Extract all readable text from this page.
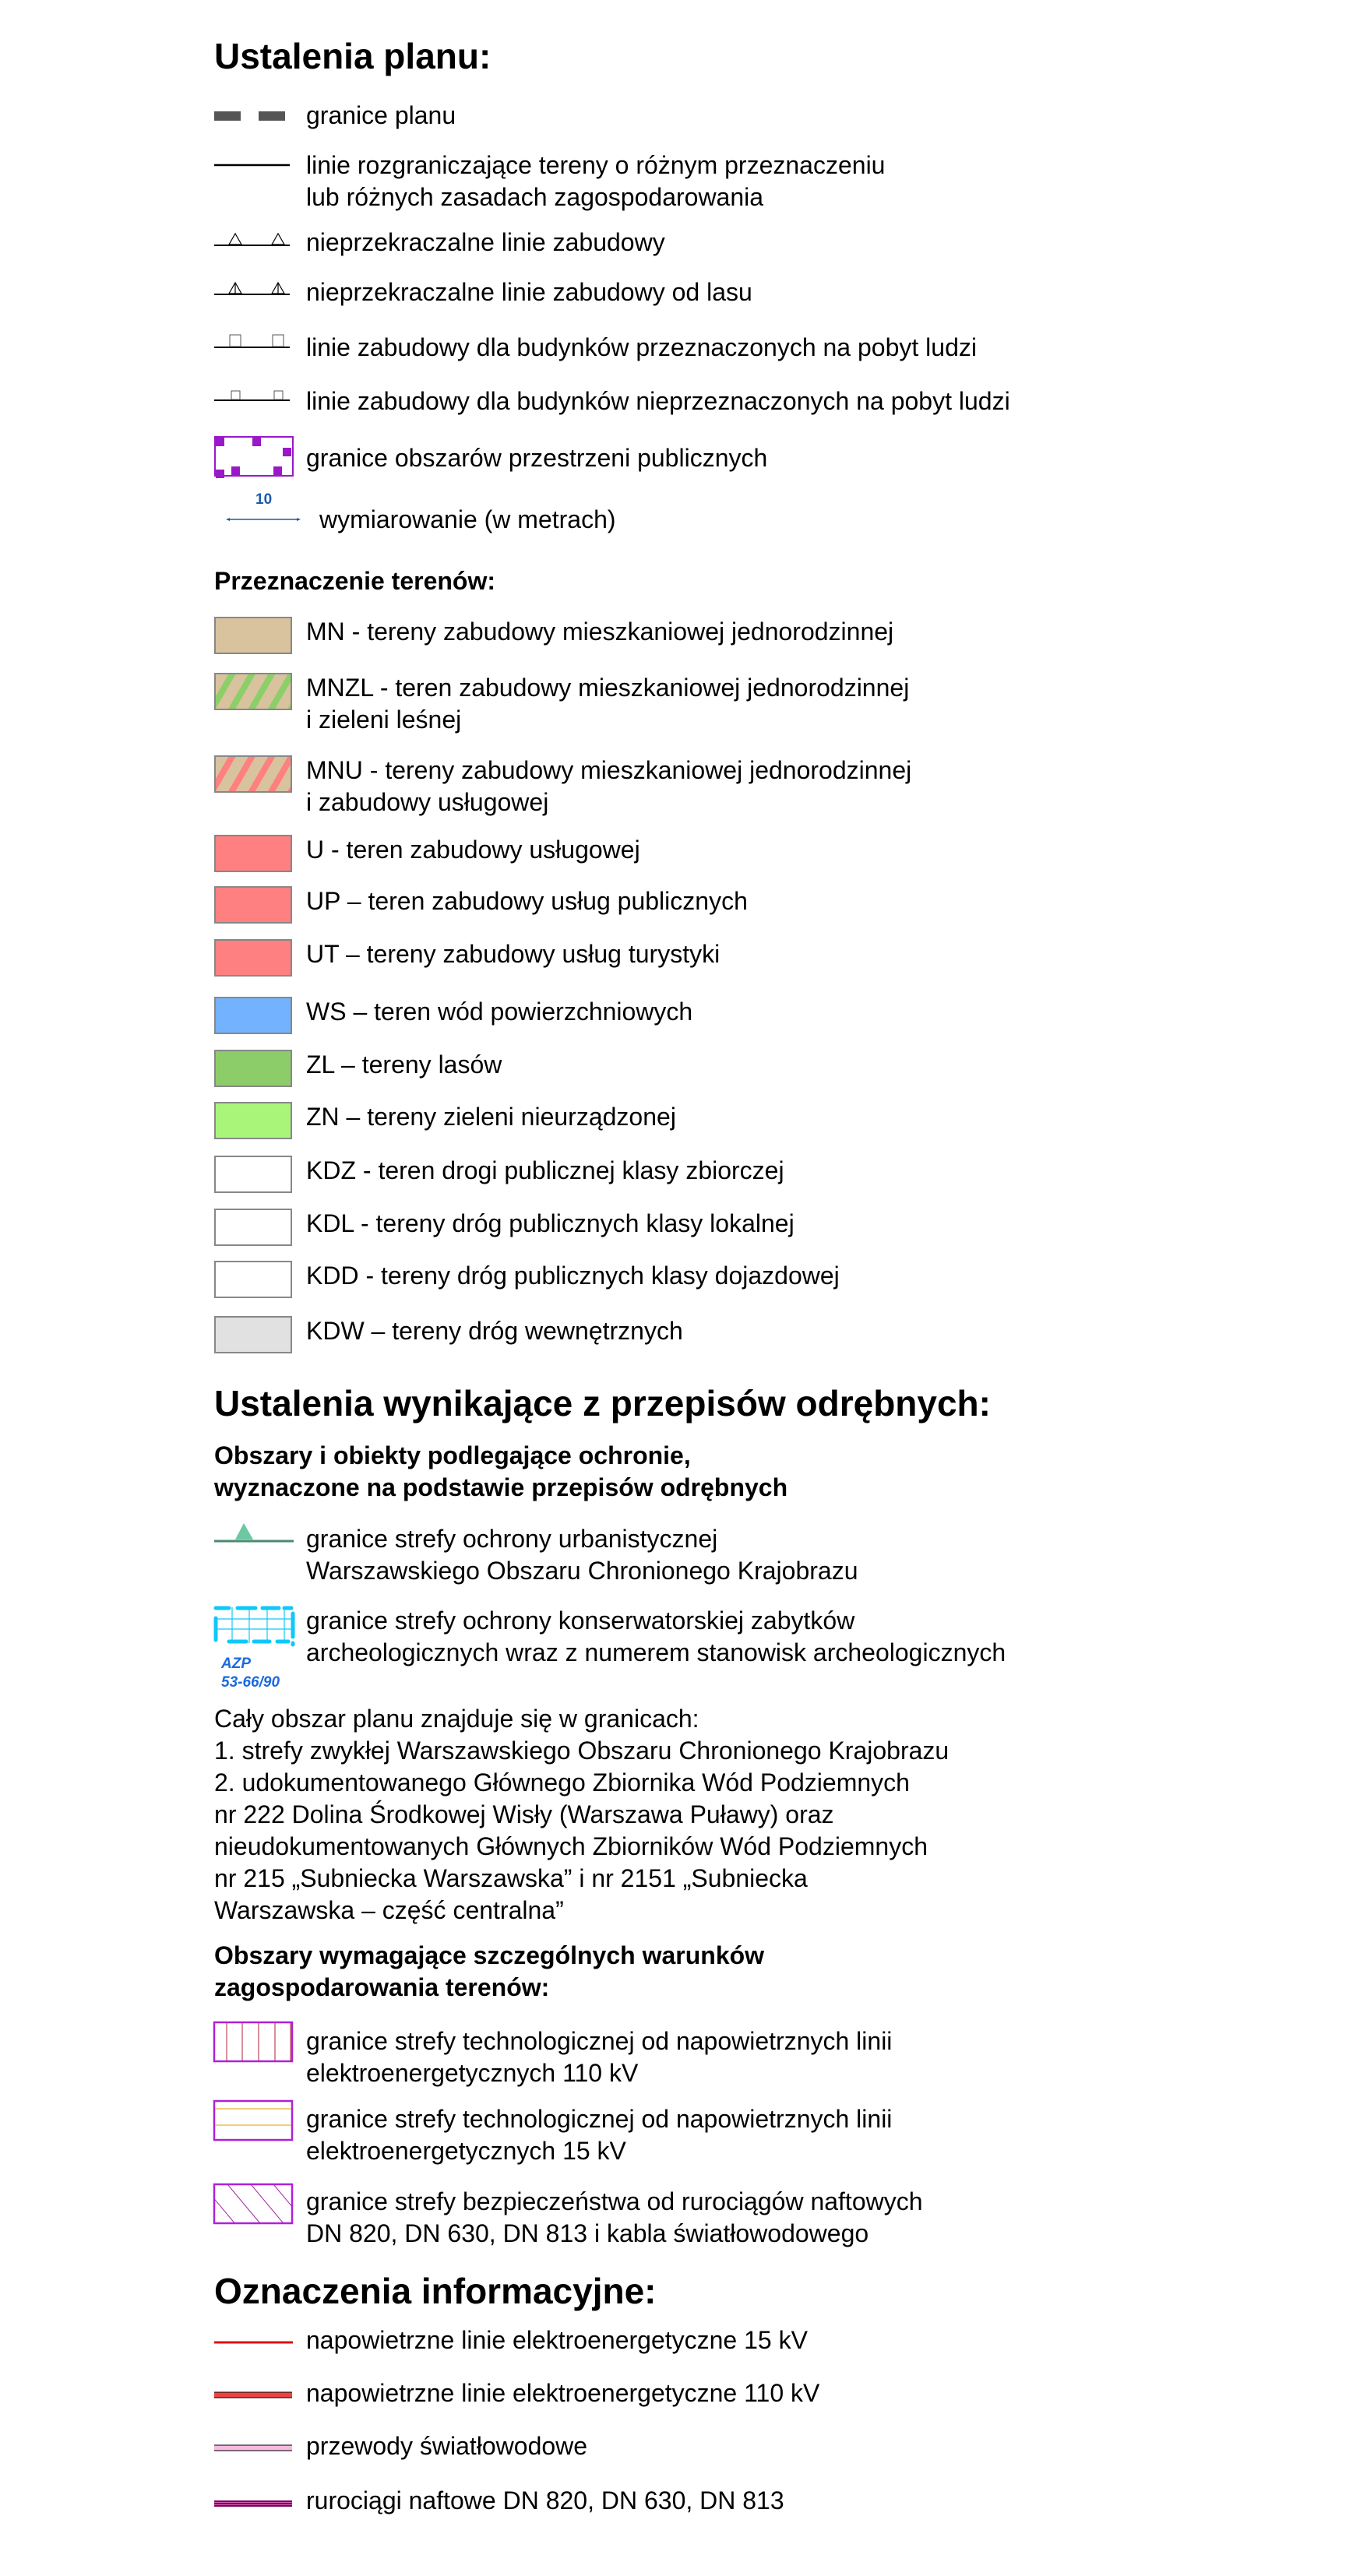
Ustalenia planu:
granice planu
linie rozgraniczające tereny o różnym przeznaczeniu
lub różnych zasadach zagospodarowania
nieprzekraczalne linie zabudowy
nieprzekraczalne linie zabudowy od lasu
linie zabudowy dla budynków przeznaczonych na pobyt ludzi
linie zabudowy dla budynków nieprzeznaczonych na pobyt ludzi
granice obszarów przestrzeni publicznych
10
wymiarowanie (w metrach)
Przeznaczenie terenów:
MN - tereny zabudowy mieszkaniowej jednorodzinnej
MNZL - teren zabudowy mieszkaniowej jednorodzinnej
i zieleni leśnej
MNU - tereny zabudowy mieszkaniowej jednorodzinnej
i zabudowy usługowej
U - teren zabudowy usługowej
UP – teren zabudowy usług publicznych
UT – tereny zabudowy usług turystyki
WS – teren wód powierzchniowych
ZL – tereny lasów
ZN – tereny zieleni nieurządzonej
KDZ - teren drogi publicznej klasy zbiorczej
KDL - tereny dróg publicznych klasy lokalnej
KDD - tereny dróg publicznych klasy dojazdowej
KDW – tereny dróg wewnętrznych
Ustalenia wynikające z przepisów odrębnych:
Obszary i obiekty podlegające ochronie,
wyznaczone na podstawie przepisów odrębnych
granice strefy ochrony urbanistycznej
Warszawskiego Obszaru Chronionego Krajobrazu
AZP
53-66/90
granice strefy ochrony konserwatorskiej zabytków
archeologicznych wraz z numerem stanowisk archeologicznych
Cały obszar planu znajduje się w granicach:
1. strefy zwykłej Warszawskiego Obszaru Chronionego Krajobrazu
2. udokumentowanego Głównego Zbiornika Wód Podziemnych
nr 222 Dolina Środkowej Wisły (Warszawa Puławy) oraz
nieudokumentowanych Głównych Zbiorników Wód Podziemnych
nr 215 „Subniecka Warszawska” i nr 2151 „Subniecka
Warszawska – część centralna”
Obszary wymagające szczególnych warunków
zagospodarowania terenów:
granice strefy technologicznej od napowietrznych linii
elektroenergetycznych 110 kV
granice strefy technologicznej od napowietrznych linii
elektroenergetycznych 15 kV
granice strefy bezpieczeństwa od rurociągów naftowych
DN 820, DN 630, DN 813 i kabla światłowodowego
Oznaczenia informacyjne:
napowietrzne linie elektroenergetyczne 15 kV
napowietrzne linie elektroenergetyczne 110 kV
przewody światłowodowe
rurociągi naftowe DN 820, DN 630, DN 813
